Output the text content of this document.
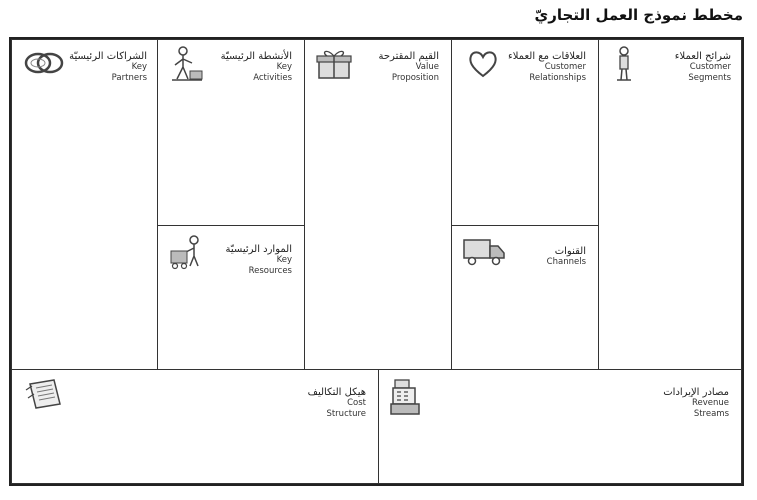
مخطط نموذج العمل التجاريّ
الشراكات الرئيسيّة
Key
Partners
الأنشطة الرئيسيّة
Key
Activities
الموارد الرئيسيّة
Key
Resources
القيم المقترحة
Value
Proposition
العلاقات مع العملاء
Customer
Relationships
القنوات
Channels
شرائح العملاء
Customer
Segments
هيكل التكاليف
Cost
Structure
مصادر الإيرادات
Revenue
Streams
